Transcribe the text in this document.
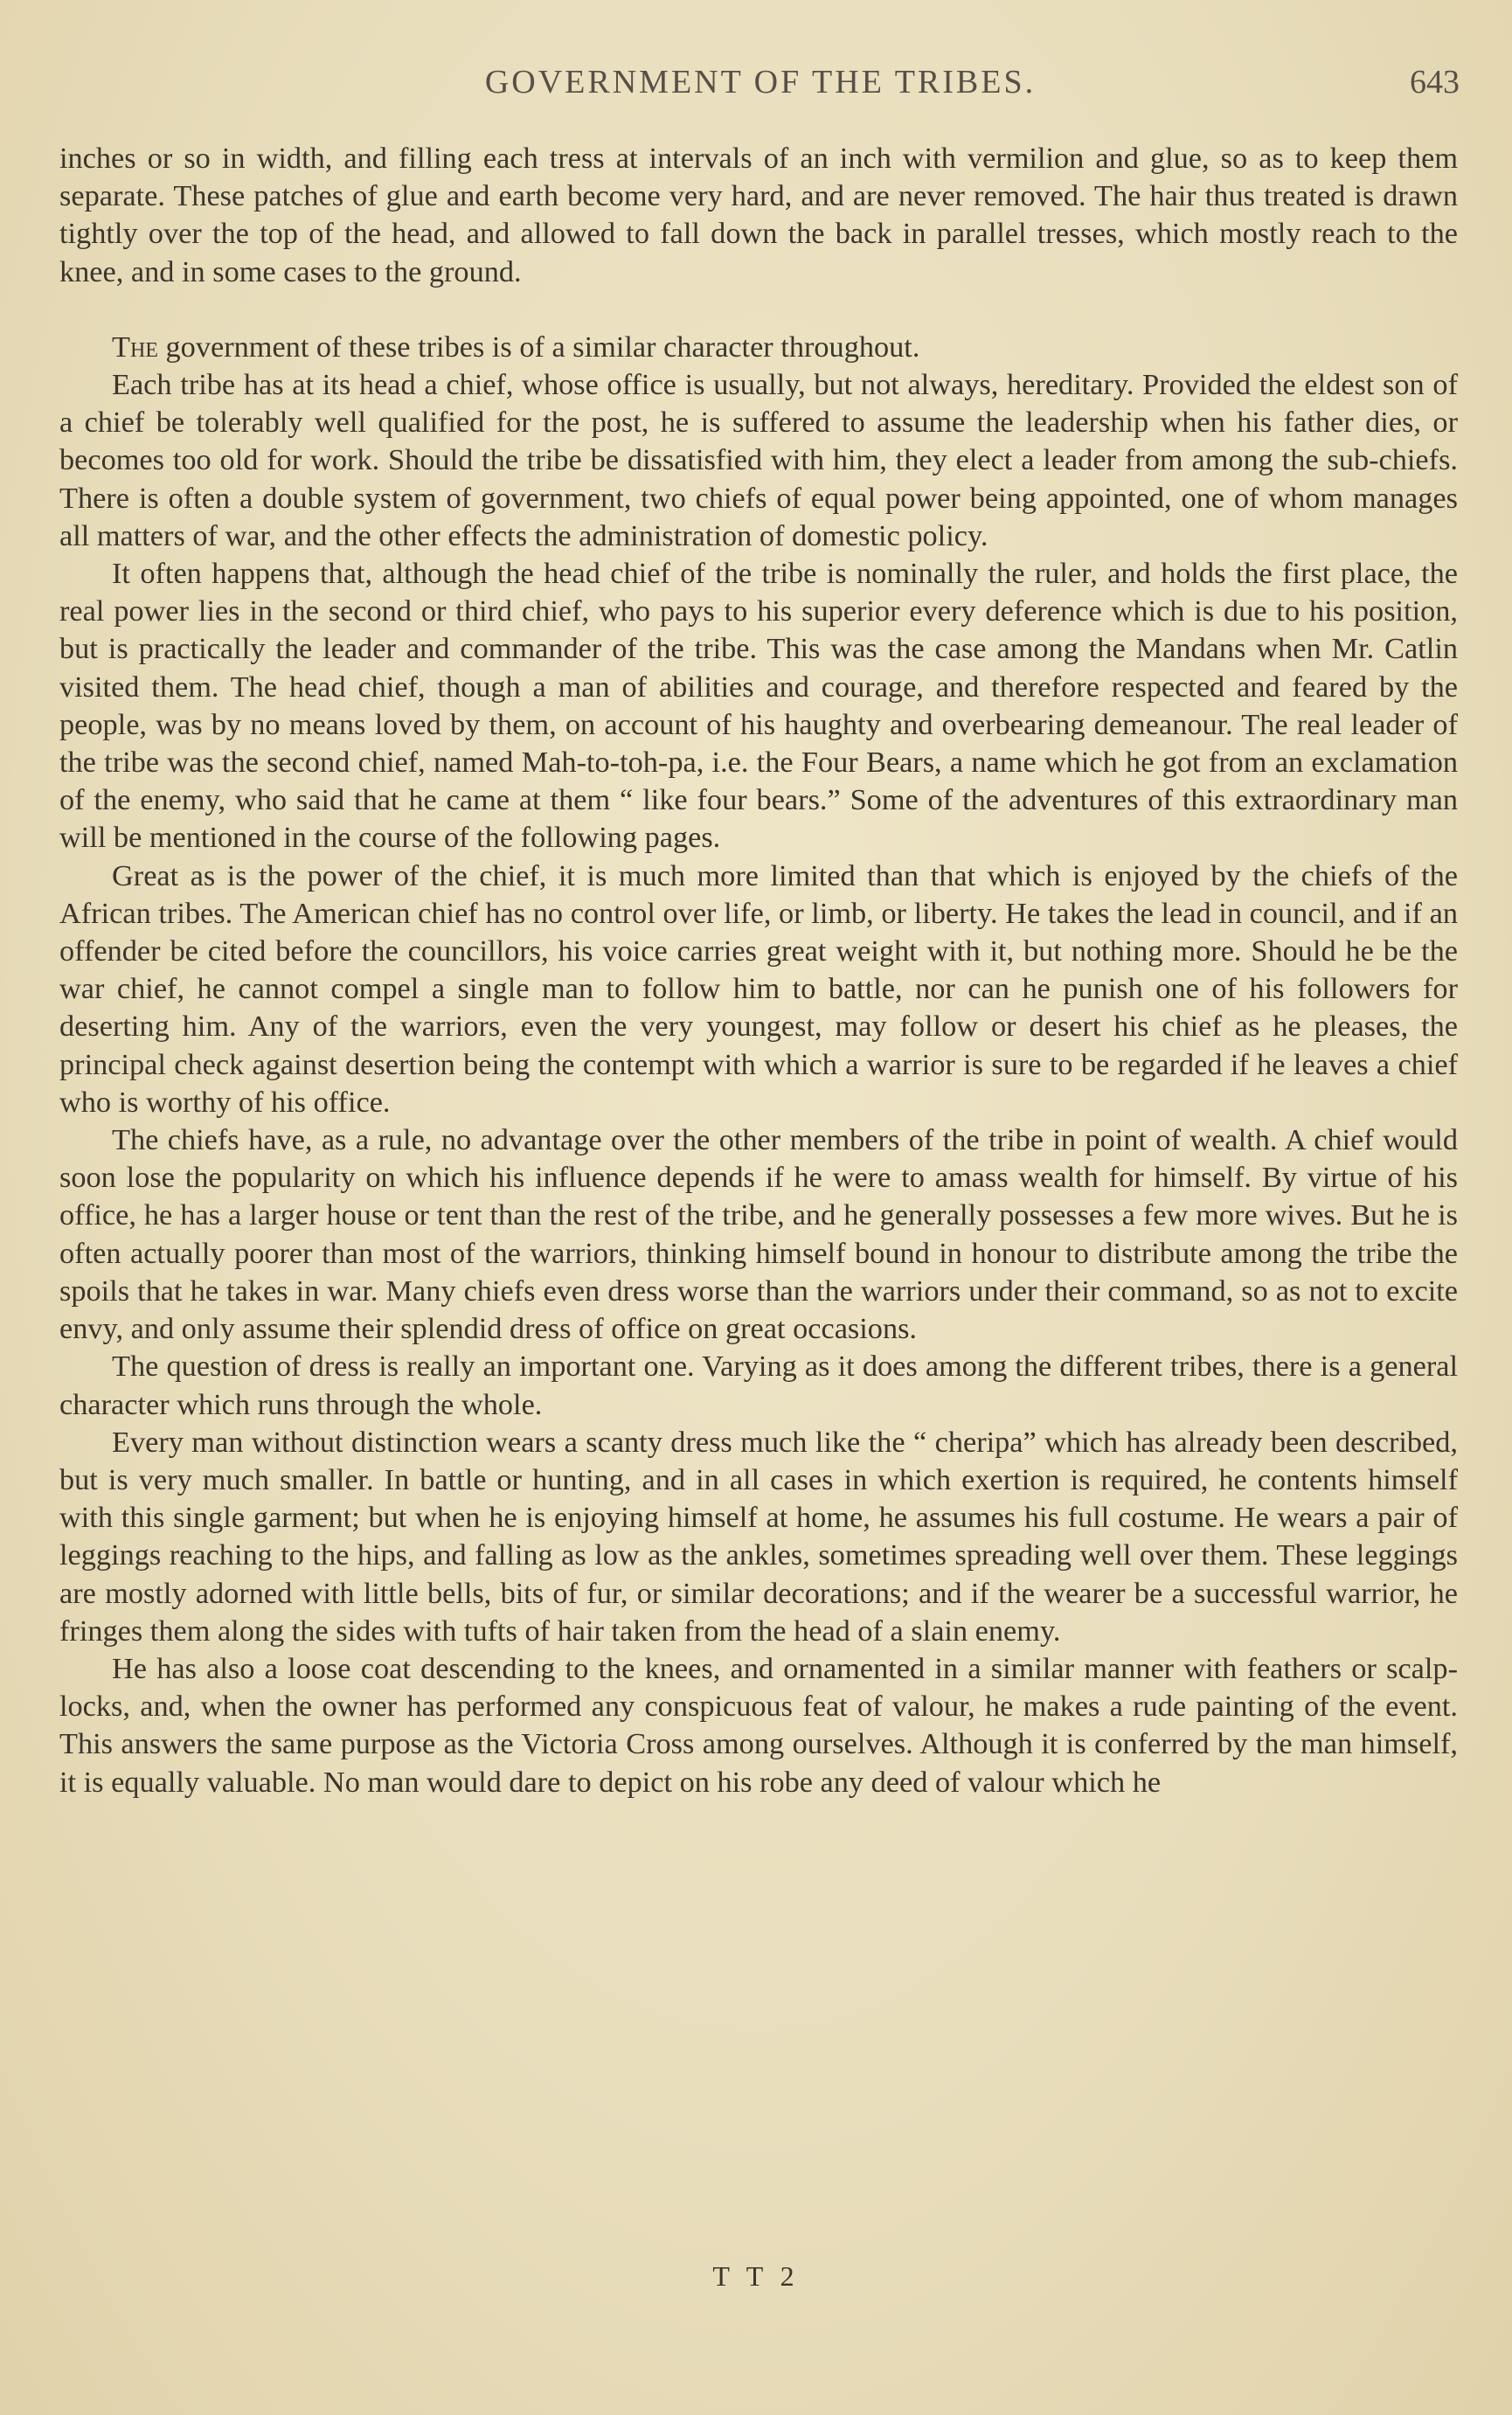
GOVERNMENT OF THE TRIBES.	643

inches or so in width, and filling each tress at intervals of an inch with vermilion and glue, so as to keep them separate. These patches of glue and earth become very hard, and are never removed. The hair thus treated is drawn tightly over the top of the head, and allowed to fall down the back in parallel tresses, which mostly reach to the knee, and in some cases to the ground.

The government of these tribes is of a similar character throughout.

Each tribe has at its head a chief, whose office is usually, but not always, hereditary. Provided the eldest son of a chief be tolerably well qualified for the post, he is suffered to assume the leadership when his father dies, or becomes too old for work. Should the tribe be dissatisfied with him, they elect a leader from among the sub-chiefs. There is often a double system of government, two chiefs of equal power being appointed, one of whom manages all matters of war, and the other effects the administration of domestic policy.

It often happens that, although the head chief of the tribe is nominally the ruler, and holds the first place, the real power lies in the second or third chief, who pays to his superior every deference which is due to his position, but is practically the leader and commander of the tribe. This was the case among the Mandans when Mr. Catlin visited them. The head chief, though a man of abilities and courage, and therefore respected and feared by the people, was by no means loved by them, on account of his haughty and overbearing demeanour. The real leader of the tribe was the second chief, named Mah-to-toh-pa, i.e. the Four Bears, a name which he got from an exclamation of the enemy, who said that he came at them “ like four bears.” Some of the adventures of this extraordinary man will be mentioned in the course of the following pages.

Great as is the power of the chief, it is much more limited than that which is enjoyed by the chiefs of the African tribes. The American chief has no control over life, or limb, or liberty. He takes the lead in council, and if an offender be cited before the councillors, his voice carries great weight with it, but nothing more. Should he be the war chief, he cannot compel a single man to follow him to battle, nor can he punish one of his followers for deserting him. Any of the warriors, even the very youngest, may follow or desert his chief as he pleases, the principal check against desertion being the contempt with which a warrior is sure to be regarded if he leaves a chief who is worthy of his office.

The chiefs have, as a rule, no advantage over the other members of the tribe in point of wealth. A chief would soon lose the popularity on which his influence depends if he were to amass wealth for himself. By virtue of his office, he has a larger house or tent than the rest of the tribe, and he generally possesses a few more wives. But he is often actually poorer than most of the warriors, thinking himself bound in honour to distribute among the tribe the spoils that he takes in war. Many chiefs even dress worse than the warriors under their command, so as not to excite envy, and only assume their splendid dress of office on great occasions.

The question of dress is really an important one. Varying as it does among the different tribes, there is a general character which runs through the whole.

Every man without distinction wears a scanty dress much like the “ cheripa” which has already been described, but is very much smaller. In battle or hunting, and in all cases in which exertion is required, he contents himself with this single garment; but when he is enjoying himself at home, he assumes his full costume. He wears a pair of leggings reaching to the hips, and falling as low as the ankles, sometimes spreading well over them. These leggings are mostly adorned with little bells, bits of fur, or similar decorations; and if the wearer be a successful warrior, he fringes them along the sides with tufts of hair taken from the head of a slain enemy.

He has also a loose coat descending to the knees, and ornamented in a similar manner with feathers or scalp-locks, and, when the owner has performed any conspicuous feat of valour, he makes a rude painting of the event. This answers the same purpose as the Victoria Cross among ourselves. Although it is conferred by the man himself, it is equally valuable. No man would dare to depict on his robe any deed of valour which he

T T 2
